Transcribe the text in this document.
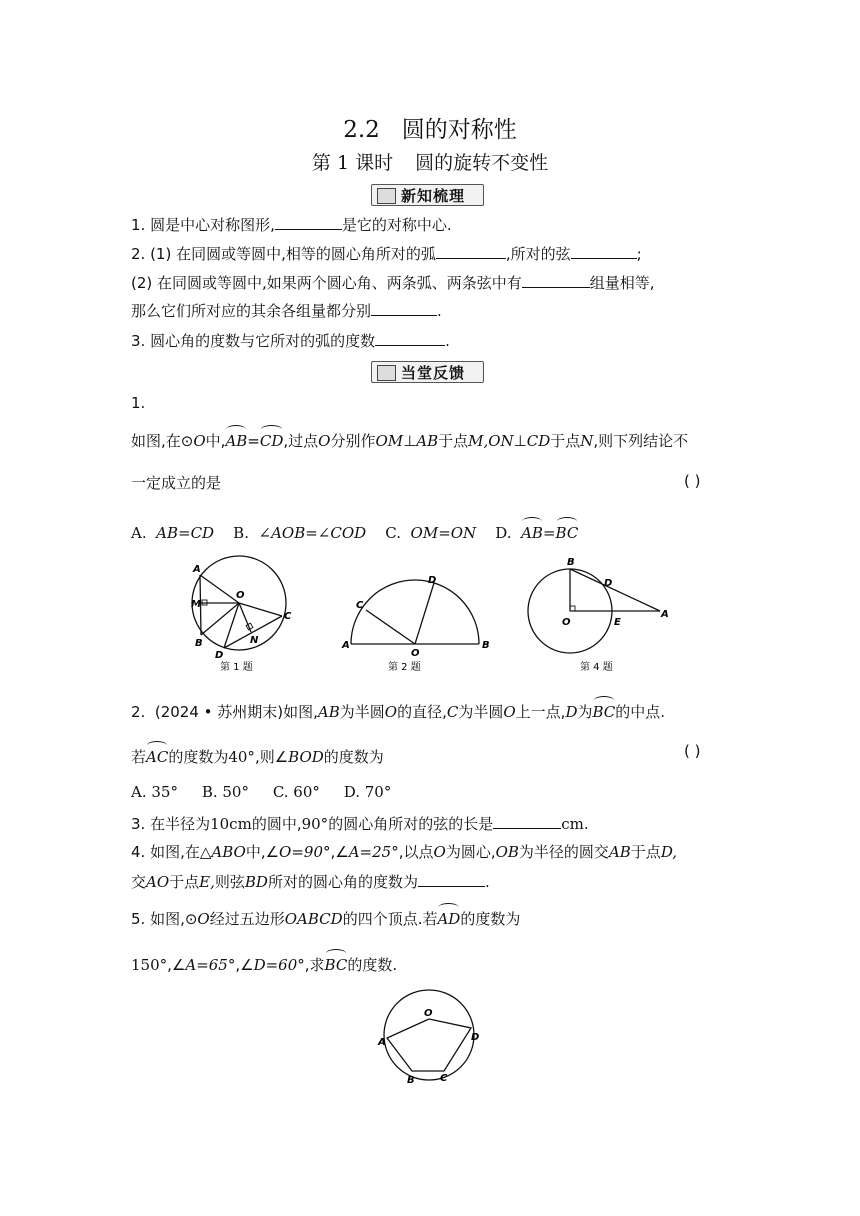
2.2 圆的对称性
第 1 课时 圆的旋转不变性
新知梳理
1. 圆是中心对称图形,	是它的对称中心.
2. (1) 在同圆或等圆中,相等的圆心角所对的弧	,所对的弦	;
(2) 在同圆或等圆中,如果两个圆心角、两条弧、两条弦中有	组量相等,
那么它们所对应的其余各组量都分别	.
3. 圆心角的度数与它所对的弧的度数	.
当堂反馈
1.
如图,在⊙O中,AB=CD,过点O分别作OM⊥AB于点M,ON⊥CD于点N,则下列结论不
一定成立的是	( )
A. AB=CD B. ∠AOB=∠COD C. OM=ON D. AB=BC
A
M
O
B
C
D
N
第 1 题
A	B
C
D
O
第 2 题
B
D
O	E
A
第 4 题
2. (2024 • 苏州期末)如图,AB为半圆O的直径,C为半圆O上一点,D为BC的中点.
若AC的度数为40°,则∠BOD的度数为	( )
A. 35° B. 50° C. 60° D. 70°
3. 在半径为10cm的圆中,90°的圆心角所对的弦的长是	cm.
4. 如图,在△ABO中,∠O=90°,∠A=25°,以点O为圆心,OB为半径的圆交AB于点D,
交AO于点E,则弦BD所对的圆心角的度数为	.
5. 如图,⊙O经过五边形OABCD的四个顶点.若AD的度数为
150°,∠A=65°,∠D=60°,求BC的度数.
O
A
B	C
D
